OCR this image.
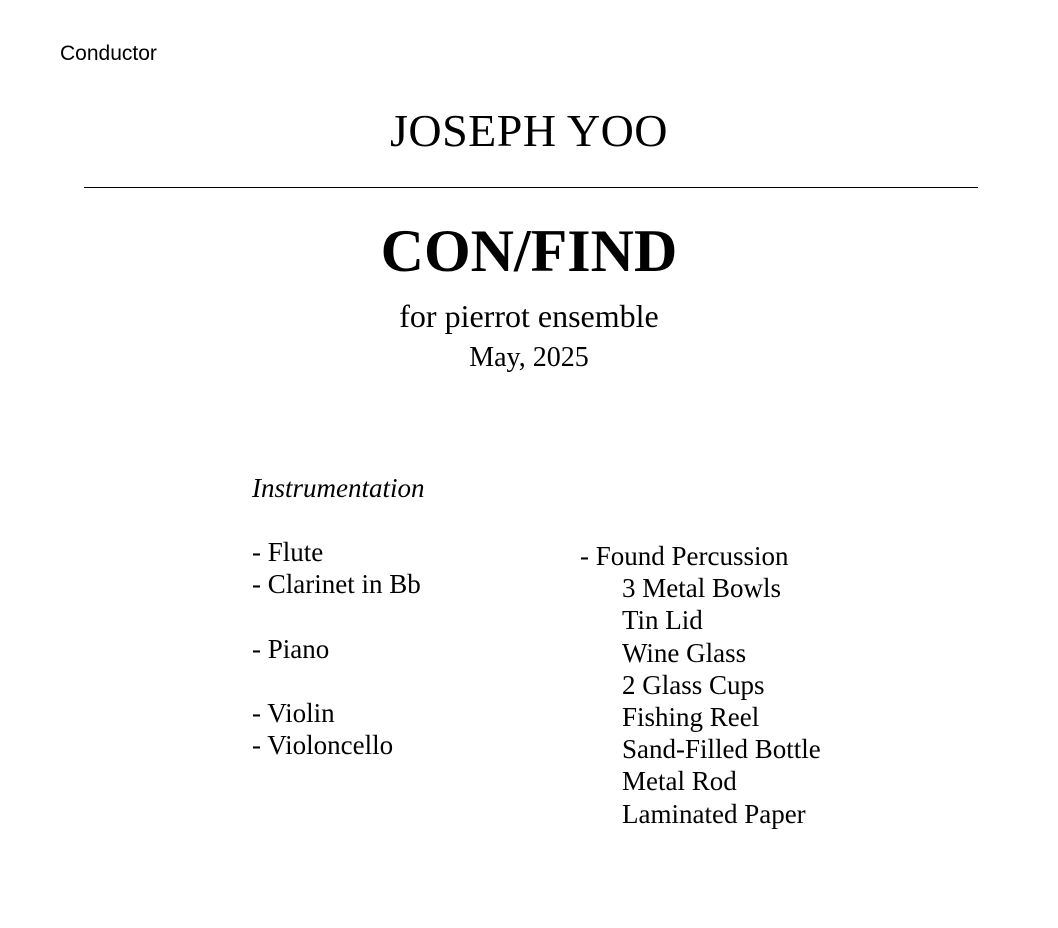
Conductor
JOSEPH YOO
CON/FIND
for pierrot ensemble
May, 2025
Instrumentation
- Flute
- Clarinet in Bb
- Piano
- Violin
- Violoncello
- Found Percussion
3 Metal Bowls
Tin Lid
Wine Glass
2 Glass Cups
Fishing Reel
Sand-Filled Bottle
Metal Rod
Laminated Paper
